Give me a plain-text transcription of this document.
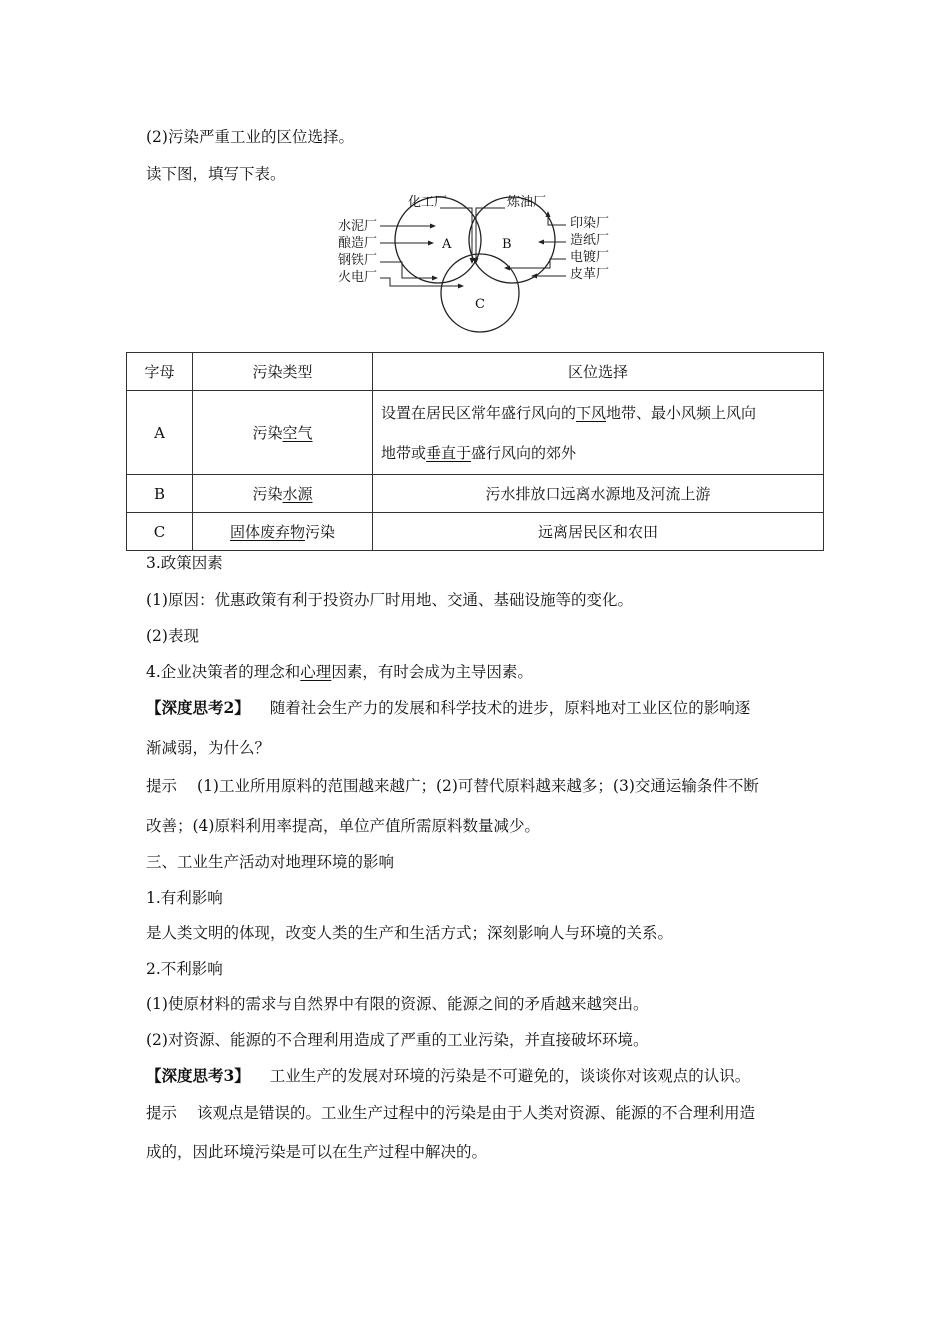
(2)污染严重工业的区位选择。
读下图，填写下表。
化工厂	炼油厂
水泥厂
酿造厂
钢铁厂
火电厂
印染厂
造纸厂
电镀厂
皮革厂
A	B
C
字母	污染类型	区位选择
A	污染空气	设置在居民区常年盛行风向的下风地带、最小风频上风向
地带或垂直于盛行风向的郊外

B	污染水源	污水排放口远离水源地及河流上游
C	固体废弃物污染	远离居民区和农田
3.政策因素
(1)原因：优惠政策有利于投资办厂时用地、交通、基础设施等的变化。
(2)表现
4.企业决策者的理念和心理因素，有时会成为主导因素。
【深度思考2】 随着社会生产力的发展和科学技术的进步，原料地对工业区位的影响逐
渐减弱，为什么？
提示 (1)工业所用原料的范围越来越广；(2)可替代原料越来越多；(3)交通运输条件不断
改善；(4)原料利用率提高，单位产值所需原料数量减少。
三、工业生产活动对地理环境的影响
1.有利影响
是人类文明的体现，改变人类的生产和生活方式；深刻影响人与环境的关系。
2.不利影响
(1)使原材料的需求与自然界中有限的资源、能源之间的矛盾越来越突出。
(2)对资源、能源的不合理利用造成了严重的工业污染，并直接破坏环境。
【深度思考3】 工业生产的发展对环境的污染是不可避免的，谈谈你对该观点的认识。
提示 该观点是错误的。工业生产过程中的污染是由于人类对资源、能源的不合理利用造
成的，因此环境污染是可以在生产过程中解决的。
